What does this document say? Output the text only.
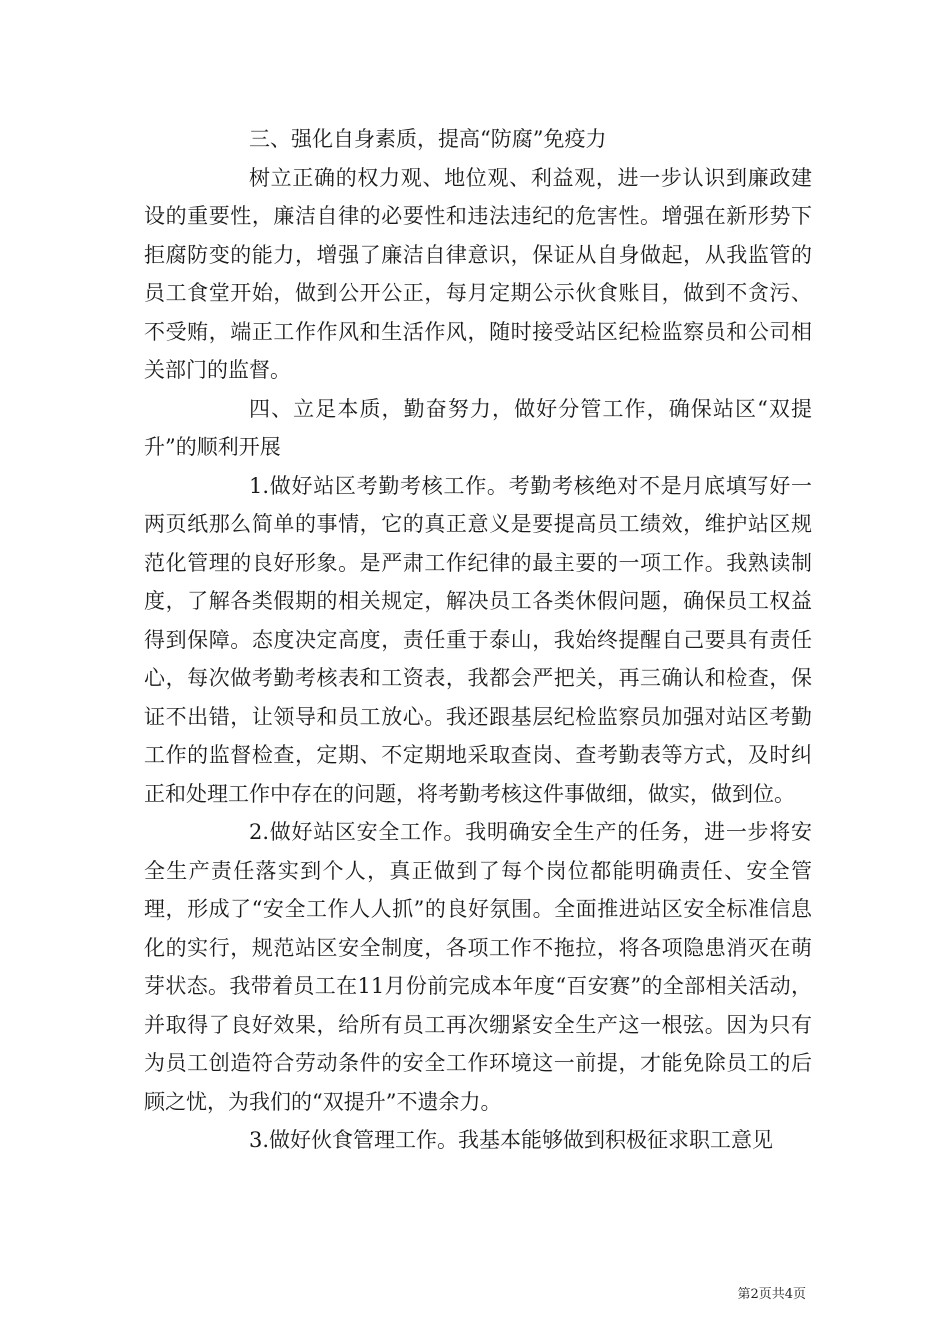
三、强化自身素质，提高“防腐”免疫力

树立正确的权力观、地位观、利益观，进一步认识到廉政建设的重要性，廉洁自律的必要性和违法违纪的危害性。增强在新形势下拒腐防变的能力，增强了廉洁自律意识，保证从自身做起，从我监管的员工食堂开始，做到公开公正，每月定期公示伙食账目，做到不贪污、不受贿，端正工作作风和生活作风，随时接受站区纪检监察员和公司相关部门的监督。

四、立足本质，勤奋努力，做好分管工作，确保站区“双提升”的顺利开展

1.做好站区考勤考核工作。考勤考核绝对不是月底填写好一两页纸那么简单的事情，它的真正意义是要提高员工绩效，维护站区规范化管理的良好形象。是严肃工作纪律的最主要的一项工作。我熟读制度，了解各类假期的相关规定，解决员工各类休假问题，确保员工权益得到保障。态度决定高度，责任重于泰山，我始终提醒自己要具有责任心，每次做考勤考核表和工资表，我都会严把关，再三确认和检查，保证不出错，让领导和员工放心。我还跟基层纪检监察员加强对站区考勤工作的监督检查，定期、不定期地采取查岗、查考勤表等方式，及时纠正和处理工作中存在的问题，将考勤考核这件事做细，做实，做到位。

2.做好站区安全工作。我明确安全生产的任务，进一步将安全生产责任落实到个人，真正做到了每个岗位都能明确责任、安全管理，形成了“安全工作人人抓”的良好氛围。全面推进站区安全标准信息化的实行，规范站区安全制度，各项工作不拖拉，将各项隐患消灭在萌芽状态。我带着员工在11月份前完成本年度“百安赛”的全部相关活动，并取得了良好效果，给所有员工再次绷紧安全生产这一根弦。因为只有为员工创造符合劳动条件的安全工作环境这一前提，才能免除员工的后顾之忧，为我们的“双提升”不遗余力。

3.做好伙食管理工作。我基本能够做到积极征求职工意见

第2页共4页
